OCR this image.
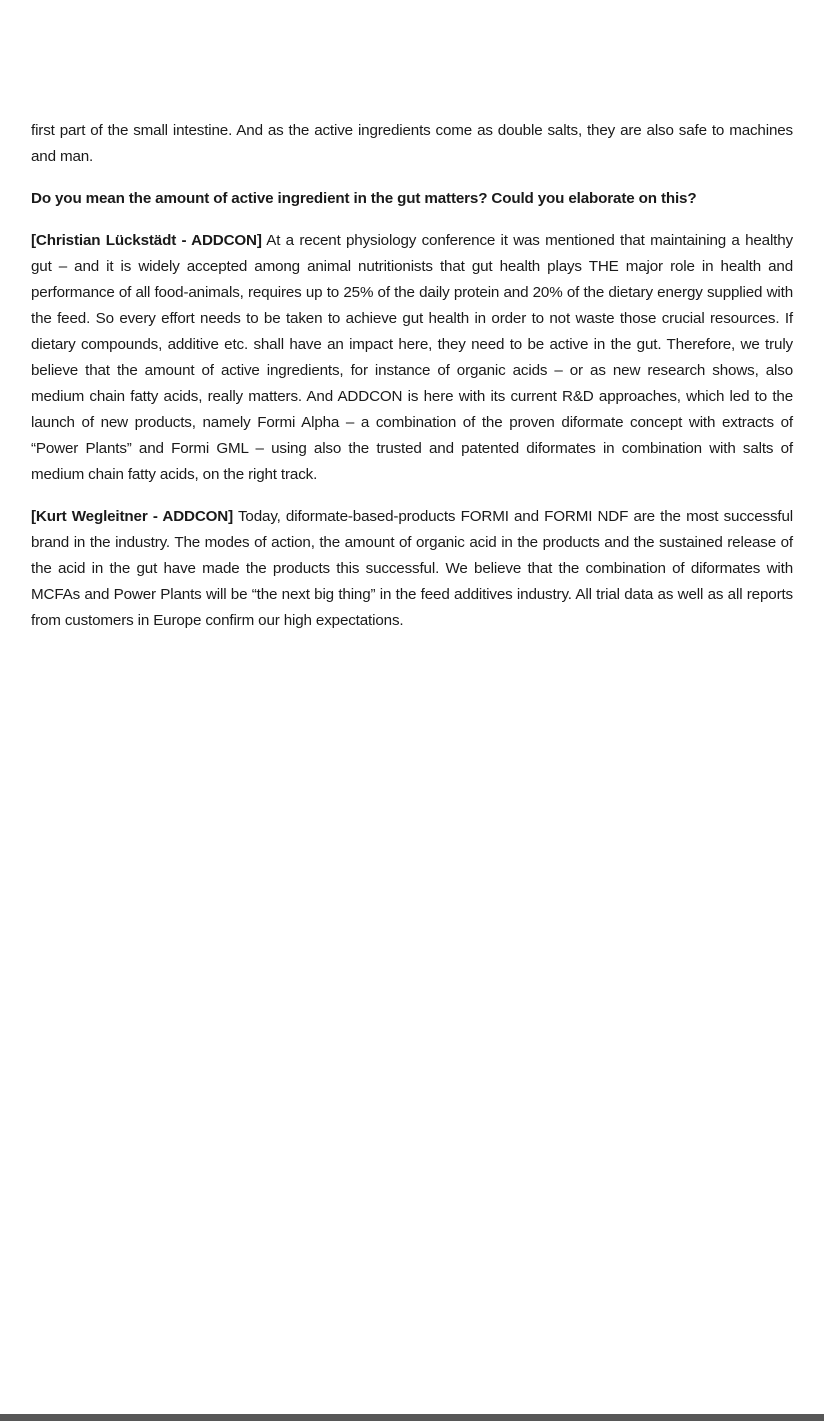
first part of the small intestine. And as the active ingredients come as double salts, they are also safe to machines and man.

Do you mean the amount of active ingredient in the gut matters? Could you elaborate on this?

[Christian Lückstädt - ADDCON] At a recent physiology conference it was mentioned that maintaining a healthy gut – and it is widely accepted among animal nutritionists that gut health plays THE major role in health and performance of all food-animals, requires up to 25% of the daily protein and 20% of the dietary energy supplied with the feed. So every effort needs to be taken to achieve gut health in order to not waste those crucial resources. If dietary compounds, additive etc. shall have an impact here, they need to be active in the gut. Therefore, we truly believe that the amount of active ingredients, for instance of organic acids – or as new research shows, also medium chain fatty acids, really matters. And ADDCON is here with its current R&D approaches, which led to the launch of new products, namely Formi Alpha – a combination of the proven diformate concept with extracts of “Power Plants” and Formi GML – using also the trusted and patented diformates in combination with salts of medium chain fatty acids, on the right track.

[Kurt Wegleitner - ADDCON] Today, diformate-based-products FORMI and FORMI NDF are the most successful brand in the industry. The modes of action, the amount of organic acid in the products and the sustained release of the acid in the gut have made the products this successful. We believe that the combination of diformates with MCFAs and Power Plants will be “the next big thing” in the feed additives industry. All trial data as well as all reports from customers in Europe confirm our high expectations.
